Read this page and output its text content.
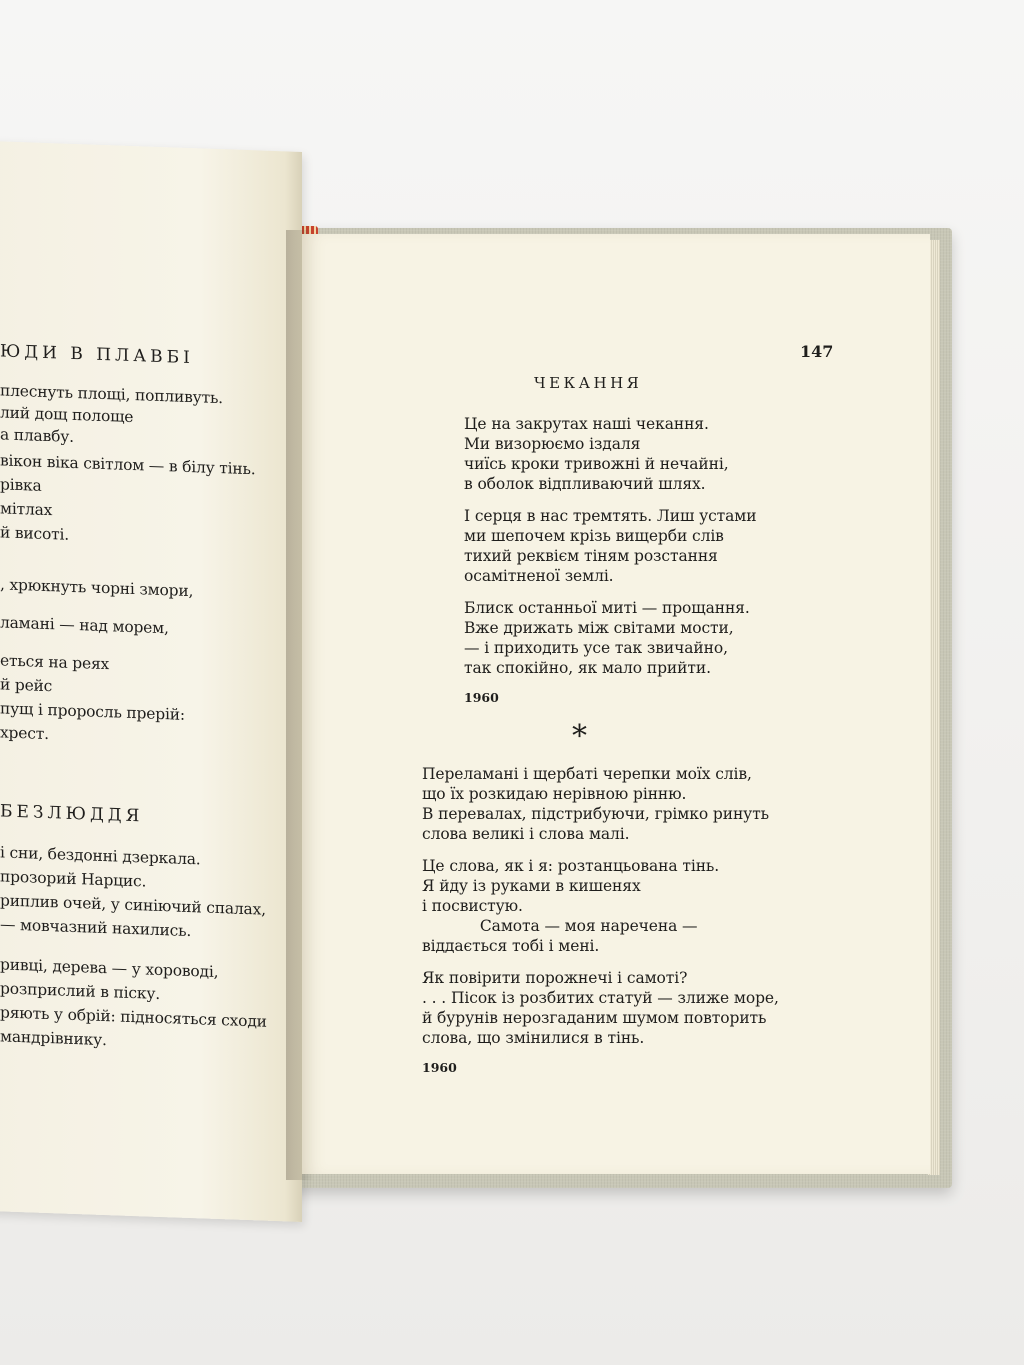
ЮДИ В ПЛАВБІ
плеснуть площі, попливуть.
лий дощ полоще
а плавбу.
вікон віка світлом — в білу тінь.
рівка
мітлах
й висоті.
, хрюкнуть чорні змори,
ламані — над морем,
еться на реях
й рейс
пущ і проросль прерій:
хрест.
БЕЗЛЮДДЯ
і сни, бездонні дзеркала.
прозорий Нарцис.
риплив очей, у синіючий спалах,
— мовчазний нахились.
ривці, дерева — у хороводі,
розприслий в піску.
ряють у обрій: підносяться сходи
мандрівнику.
147
ЧЕКАННЯ
Це на закрутах наші чекання.
Ми визорюємо іздаля
чиїсь кроки тривожні й нечайні,
в оболок відпливаючий шлях.
І серця в нас тремтять. Лиш устами
ми шепочем крізь вищерби слів
тихий реквієм тіням розстання
осамітненої землі.
Блиск останньої миті — прощання.
Вже дрижать між світами мости,
— і приходить усе так звичайно,
так спокійно, як мало прийти.
1960
*
Переламані і щербаті черепки моїх слів,
що їх розкидаю нерівною рінню.
В перевалах, підстрибуючи, грімко ринуть
слова великі і слова малі.
Це слова, як і я: розтанцьована тінь.
Я йду із руками в кишенях
і посвистую.
Самота — моя наречена —
віддається тобі і мені.
Як повірити порожнечі і самоті?
. . . Пісок із розбитих статуй — злиже море,
й бурунів нерозгаданим шумом повторить
слова, що змінилися в тінь.
1960
